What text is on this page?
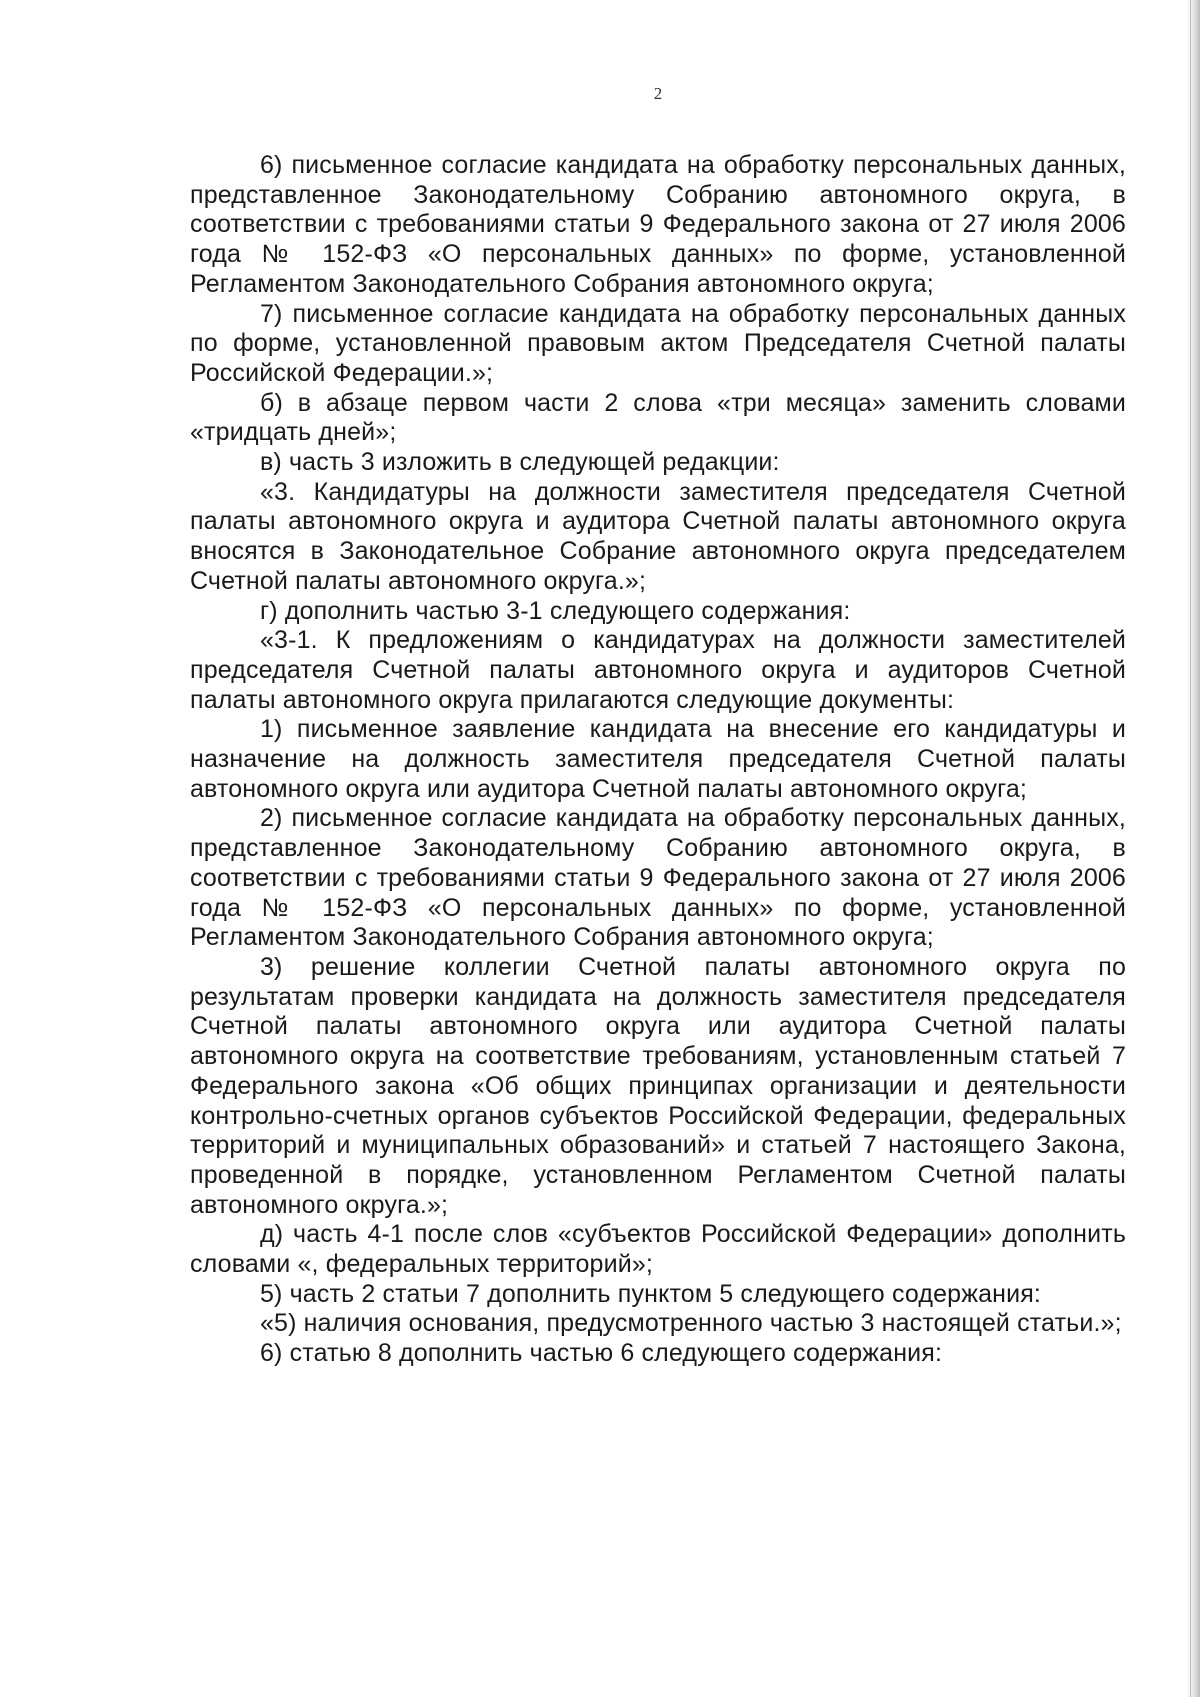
2

6) письменное согласие кандидата на обработку персональных данных, представленное Законодательному Собранию автономного округа, в соответствии с требованиями статьи 9 Федерального закона от 27 июля 2006 года № 152-ФЗ «О персональных данных» по форме, установленной Регламентом Законодательного Собрания автономного округа;

7) письменное согласие кандидата на обработку персональных данных по форме, установленной правовым актом Председателя Счетной палаты Российской Федерации.»;

б) в абзаце первом части 2 слова «три месяца» заменить словами «тридцать дней»;

в) часть 3 изложить в следующей редакции:

«3. Кандидатуры на должности заместителя председателя Счетной палаты автономного округа и аудитора Счетной палаты автономного округа вносятся в Законодательное Собрание автономного округа председателем Счетной палаты автономного округа.»;

г) дополнить частью 3-1 следующего содержания:

«3-1. К предложениям о кандидатурах на должности заместителей председателя Счетной палаты автономного округа и аудиторов Счетной палаты автономного округа прилагаются следующие документы:

1) письменное заявление кандидата на внесение его кандидатуры и назначение на должность заместителя председателя Счетной палаты автономного округа или аудитора Счетной палаты автономного округа;

2) письменное согласие кандидата на обработку персональных данных, представленное Законодательному Собранию автономного округа, в соответствии с требованиями статьи 9 Федерального закона от 27 июля 2006 года № 152-ФЗ «О персональных данных» по форме, установленной Регламентом Законодательного Собрания автономного округа;

3) решение коллегии Счетной палаты автономного округа по результатам проверки кандидата на должность заместителя председателя Счетной палаты автономного округа или аудитора Счетной палаты автономного округа на соответствие требованиям, установленным статьей 7 Федерального закона «Об общих принципах организации и деятельности контрольно-счетных органов субъектов Российской Федерации, федеральных территорий и муниципальных образований» и статьей 7 настоящего Закона, проведенной в порядке, установленном Регламентом Счетной палаты автономного округа.»;

д) часть 4-1 после слов «субъектов Российской Федерации» дополнить словами «, федеральных территорий»;

5) часть 2 статьи 7 дополнить пунктом 5 следующего содержания:

«5) наличия основания, предусмотренного частью 3 настоящей статьи.»;

6) статью 8 дополнить частью 6 следующего содержания:
